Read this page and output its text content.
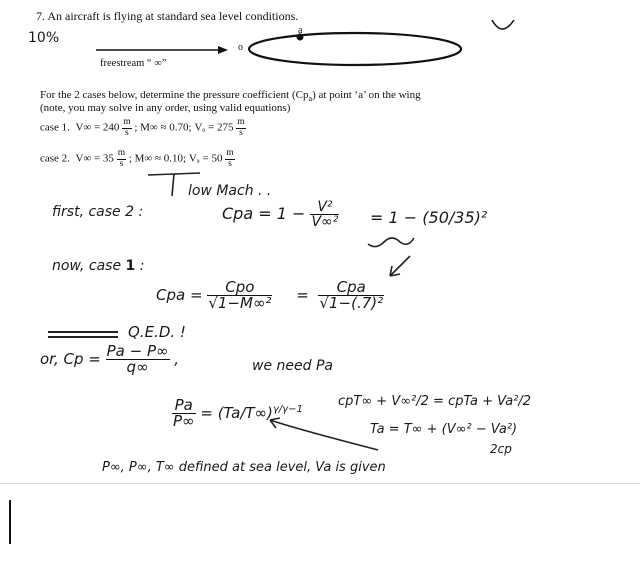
7. An aircraft is flying at standard sea level conditions.
10%	a
o
freestream “ ∞”
For the 2 cases below, determine the pressure coefficient $(Cp_a)$ at point ‘a’ on the wing
(note, you may solve in any order, using valid equations)
case 1. $V\infty = 240 \frac{m}{s}$ ; M∞ ≈ 0.70; $V_a = 275 \frac{m}{s}$
case 2. $V\infty = 35 \frac{m}{s}$ ; M∞ ≈ 0.10; $V_a = 50 \frac{m}{s}$
low Mach . .
first, case 2 :	Cpa = $1 - \frac{\text{V²}}{\text{V∞²}} = 1 - (50/35)^2$
now, case 1 :
Cpa = $\frac{\text{Cpo}}{\text{√1−M∞²}} = \frac{\text{Cpa}}{\text{√1−(.7)²}}$
Q.E.D. !
or, $Cp = \frac{Pa - P\infty}{q\infty}$ ,	we need Pa
$\frac{Pa}{P\infty} = (Ta/T\infty)^{\gamma/\gamma-1}$
cpT∞ + V∞²/2 = cpTa + Va²/2
Ta = T∞ + (V∞² − Va²)
2cp
P∞, P∞, T∞ defined at sea level, Va is given
